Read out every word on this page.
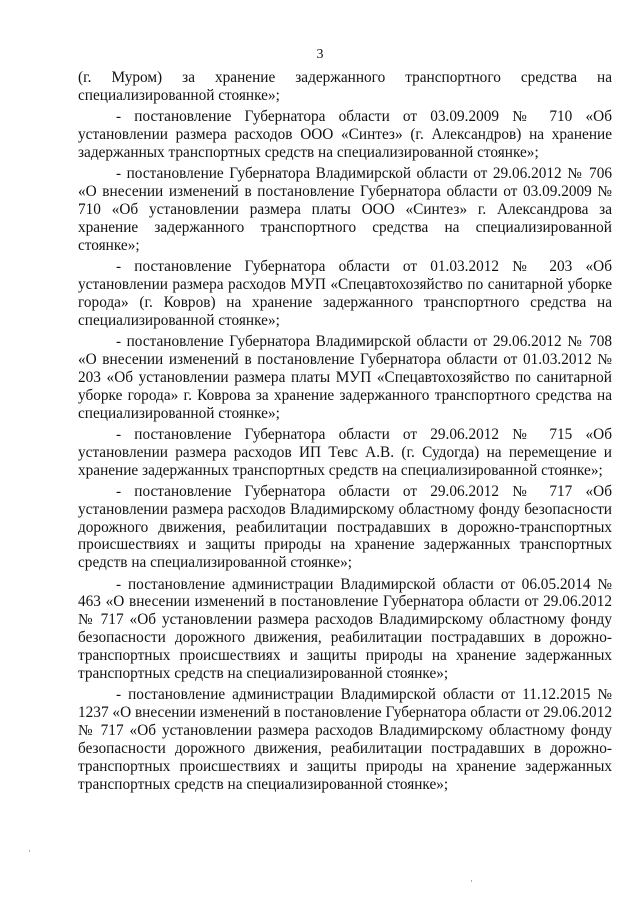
3

(г. Муром) за хранение задержанного транспортного средства на специализированной стоянке»;

- постановление Губернатора области от 03.09.2009 № 710 «Об установлении размера расходов ООО «Синтез» (г. Александров) на хранение задержанных транспортных средств на специализированной стоянке»;

- постановление Губернатора Владимирской области от 29.06.2012 № 706 «О внесении изменений в постановление Губернатора области от 03.09.2009 № 710 «Об установлении размера платы ООО «Синтез» г. Александрова за хранение задержанного транспортного средства на специализированной стоянке»;

- постановление Губернатора области от 01.03.2012 № 203 «Об установлении размера расходов МУП «Спецавтохозяйство по санитарной уборке города» (г. Ковров) на хранение задержанного транспортного средства на специализированной стоянке»;

- постановление Губернатора Владимирской области от 29.06.2012 № 708 «О внесении изменений в постановление Губернатора области от 01.03.2012 № 203 «Об установлении размера платы МУП «Спецавтохозяйство по санитарной уборке города» г. Коврова за хранение задержанного транспортного средства на специализированной стоянке»;

- постановление Губернатора области от 29.06.2012 № 715 «Об установлении размера расходов ИП Тевс А.В. (г. Судогда) на перемещение и хранение задержанных транспортных средств на специализированной стоянке»;

- постановление Губернатора области от 29.06.2012 № 717 «Об установлении размера расходов Владимирскому областному фонду безопасности дорожного движения, реабилитации пострадавших в дорожно-транспортных происшествиях и защиты природы на хранение задержанных транспортных средств на специализированной стоянке»;

- постановление администрации Владимирской области от 06.05.2014 № 463 «О внесении изменений в постановление Губернатора области от 29.06.2012 № 717 «Об установлении размера расходов Владимирскому областному фонду безопасности дорожного движения, реабилитации пострадавших в дорожно-транспортных происшествиях и защиты природы на хранение задержанных транспортных средств на специализированной стоянке»;

- постановление администрации Владимирской области от 11.12.2015 № 1237 «О внесении изменений в постановление Губернатора области от 29.06.2012 № 717 «Об установлении размера расходов Владимирскому областному фонду безопасности дорожного движения, реабилитации пострадавших в дорожно-транспортных происшествиях и защиты природы на хранение задержанных транспортных средств на специализированной стоянке»;

·
·
